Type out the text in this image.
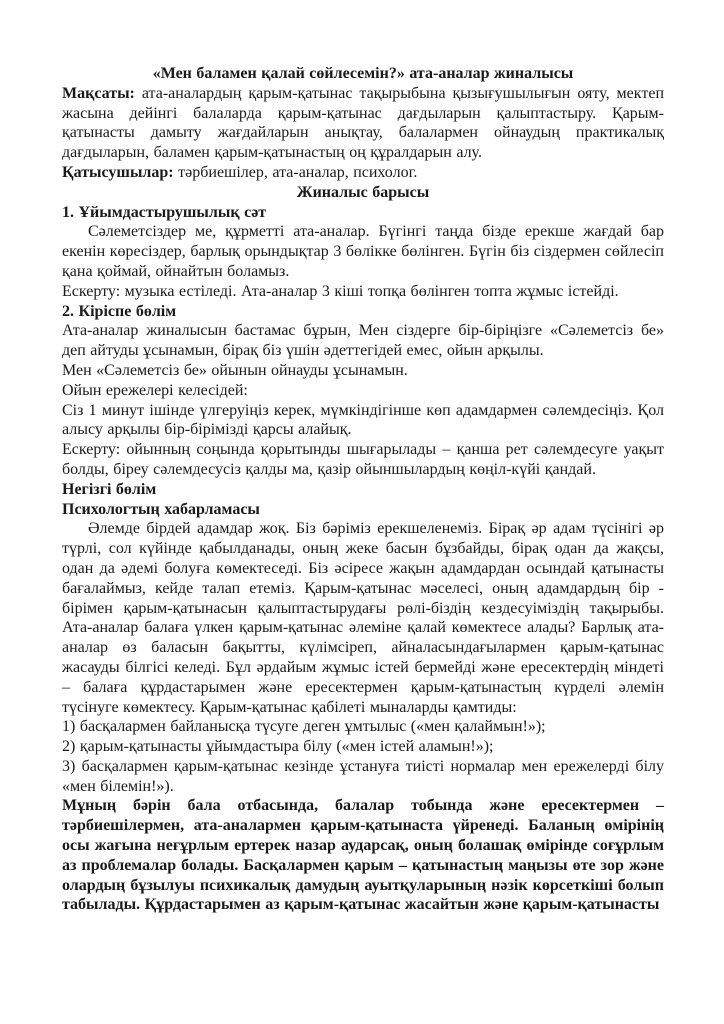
«Мен баламен қалай сөйлесемін?» ата-аналар жиналысы

Мақсаты: ата-аналардың қарым-қатынас тақырыбына қызығушылығын ояту, мектеп жасына дейінгі балаларда қарым-қатынас дағдыларын қалыптастыру. Қарым-қатынасты дамыту жағдайларын анықтау, балалармен ойнаудың практикалық дағдыларын, баламен қарым-қатынастың оң құралдарын алу.

Қатысушылар: тәрбиешілер, ата-аналар, психолог.

Жиналыс барысы

1. Ұйымдастырушылық сәт

Сәлеметсіздер ме, құрметті ата-аналар. Бүгінгі таңда бізде ерекше жағдай бар екенін көресіздер, барлық орындықтар 3 бөлікке бөлінген. Бүгін біз сіздермен сөйлесіп қана қоймай, ойнайтын боламыз.

Ескерту: музыка естіледі. Ата-аналар 3 кіші топқа бөлінген топта жұмыс істейді.

2. Кіріспе бөлім

Ата-аналар жиналысын бастамас бұрын, Мен сіздерге бір-біріңізге «Сәлеметсіз бе» деп айтуды ұсынамын, бірақ біз үшін әдеттегідей емес, ойын арқылы.

Мен «Сәлеметсіз бе» ойынын ойнауды ұсынамын.

Ойын ережелері келесідей:

Сіз 1 минут ішінде үлгеруіңіз керек, мүмкіндігінше көп адамдармен сәлемдесіңіз. Қол алысу арқылы бір-бірімізді қарсы алайық.

Ескерту: ойынның соңында қорытынды шығарылады – қанша рет сәлемдесуге уақыт болды, біреу сәлемдесусіз қалды ма, қазір ойыншылардың көңіл-күйі қандай.

Негізгі бөлім

Психологтың хабарламасы

Әлемде бірдей адамдар жоқ. Біз бәріміз ерекшеленеміз. Бірақ әр адам түсінігі әр түрлі, сол күйінде қабылданады, оның жеке басын бұзбайды, бірақ одан да жақсы, одан да әдемі болуға көмектеседі. Біз әсіресе жақын адамдардан осындай қатынасты бағалаймыз, кейде талап етеміз. Қарым-қатынас мәселесі, оның адамдардың бір - бірімен қарым-қатынасын қалыптастырудағы рөлі-біздің кездесуіміздің тақырыбы. Ата-аналар балаға үлкен қарым-қатынас әлеміне қалай көмектесе алады? Барлық ата-аналар өз баласын бақытты, күлімсіреп, айналасындағылармен қарым-қатынас жасауды білгісі келеді. Бұл әрдайым жұмыс істей бермейді және ересектердің міндеті – балаға құрдастарымен және ересектермен қарым-қатынастың күрделі әлемін түсінуге көмектесу. Қарым-қатынас қабілеті мыналарды қамтиды:

1) басқалармен байланысқа түсуге деген ұмтылыс («мен қалаймын!»);

2) қарым-қатынасты ұйымдастыра білу («мен істей аламын!»);

3) басқалармен қарым-қатынас кезінде ұстануға тиісті нормалар мен ережелерді білу «мен білемін!»).

Мұның бәрін бала отбасында, балалар тобында және ересектермен – тәрбиешілермен, ата-аналармен қарым-қатынаста үйренеді. Баланың өмірінің осы жағына неғұрлым ертерек назар аударсақ, оның болашақ өмірінде соғұрлым аз проблемалар болады. Басқалармен қарым – қатынастың маңызы өте зор және олардың бұзылуы психикалық дамудың ауытқуларының нәзік көрсеткіші болып табылады. Құрдастарымен аз қарым-қатынас жасайтын және қарым-қатынасты
